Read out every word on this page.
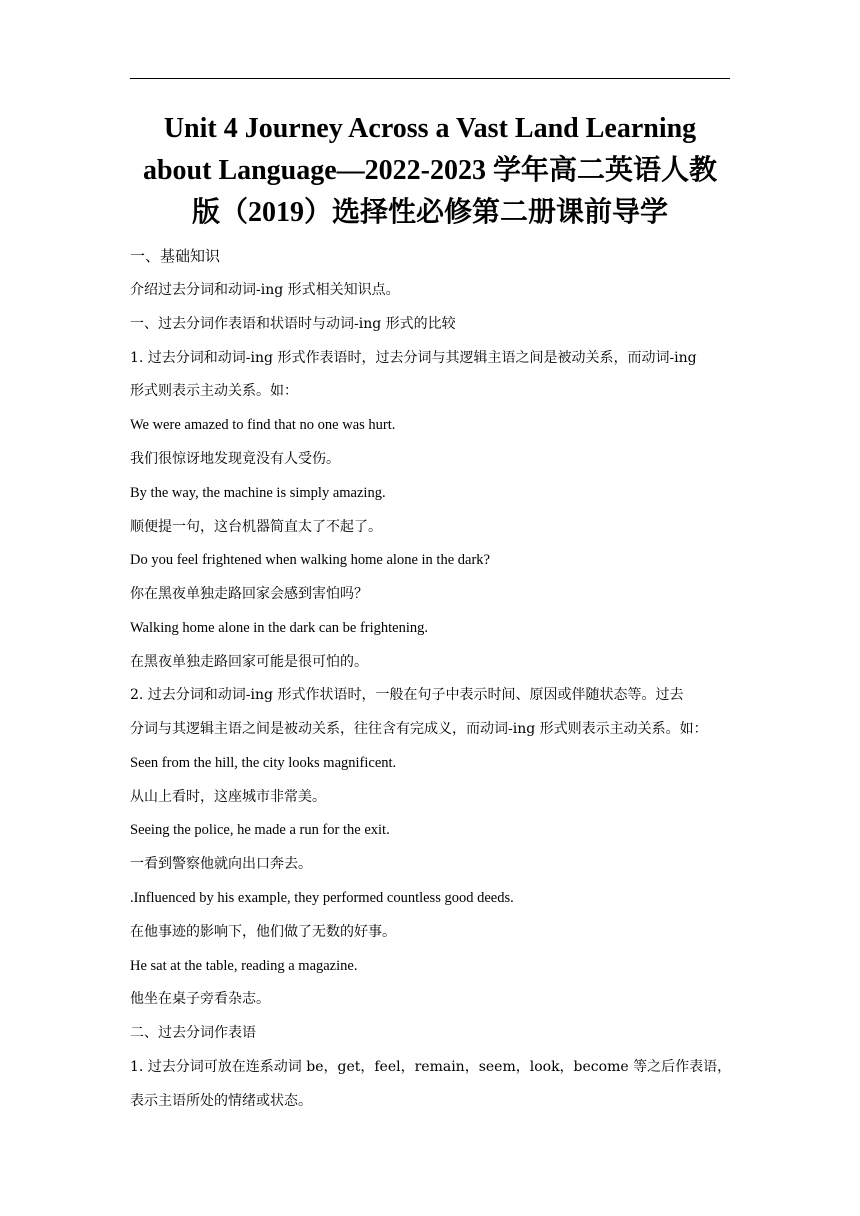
Unit 4 Journey Across a Vast Land Learning
about Language—2022-2023 学年高二英语人教
版（2019）选择性必修第二册课前导学
一、基础知识
介绍过去分词和动词-ing 形式相关知识点。
一、过去分词作表语和状语时与动词-ing 形式的比较
1. 过去分词和动词-ing 形式作表语时，过去分词与其逻辑主语之间是被动关系，而动词-ing
形式则表示主动关系。如：
We were amazed to find that no one was hurt.
我们很惊讶地发现竟没有人受伤。
By the way, the machine is simply amazing.
顺便提一句，这台机器简直太了不起了。
Do you feel frightened when walking home alone in the dark?
你在黑夜单独走路回家会感到害怕吗？
Walking home alone in the dark can be frightening.
在黑夜单独走路回家可能是很可怕的。
2. 过去分词和动词-ing 形式作状语时，一般在句子中表示时间、原因或伴随状态等。过去
分词与其逻辑主语之间是被动关系，往往含有完成义，而动词-ing 形式则表示主动关系。如：
Seen from the hill, the city looks magnificent.
从山上看时，这座城市非常美。
Seeing the police, he made a run for the exit.
一看到警察他就向出口奔去。
.Influenced by his example, they performed countless good deeds.
在他事迹的影响下，他们做了无数的好事。
He sat at the table, reading a magazine.
他坐在桌子旁看杂志。
二、过去分词作表语
1. 过去分词可放在连系动词 be，get，feel，remain，seem，look，become 等之后作表语，
表示主语所处的情绪或状态。
